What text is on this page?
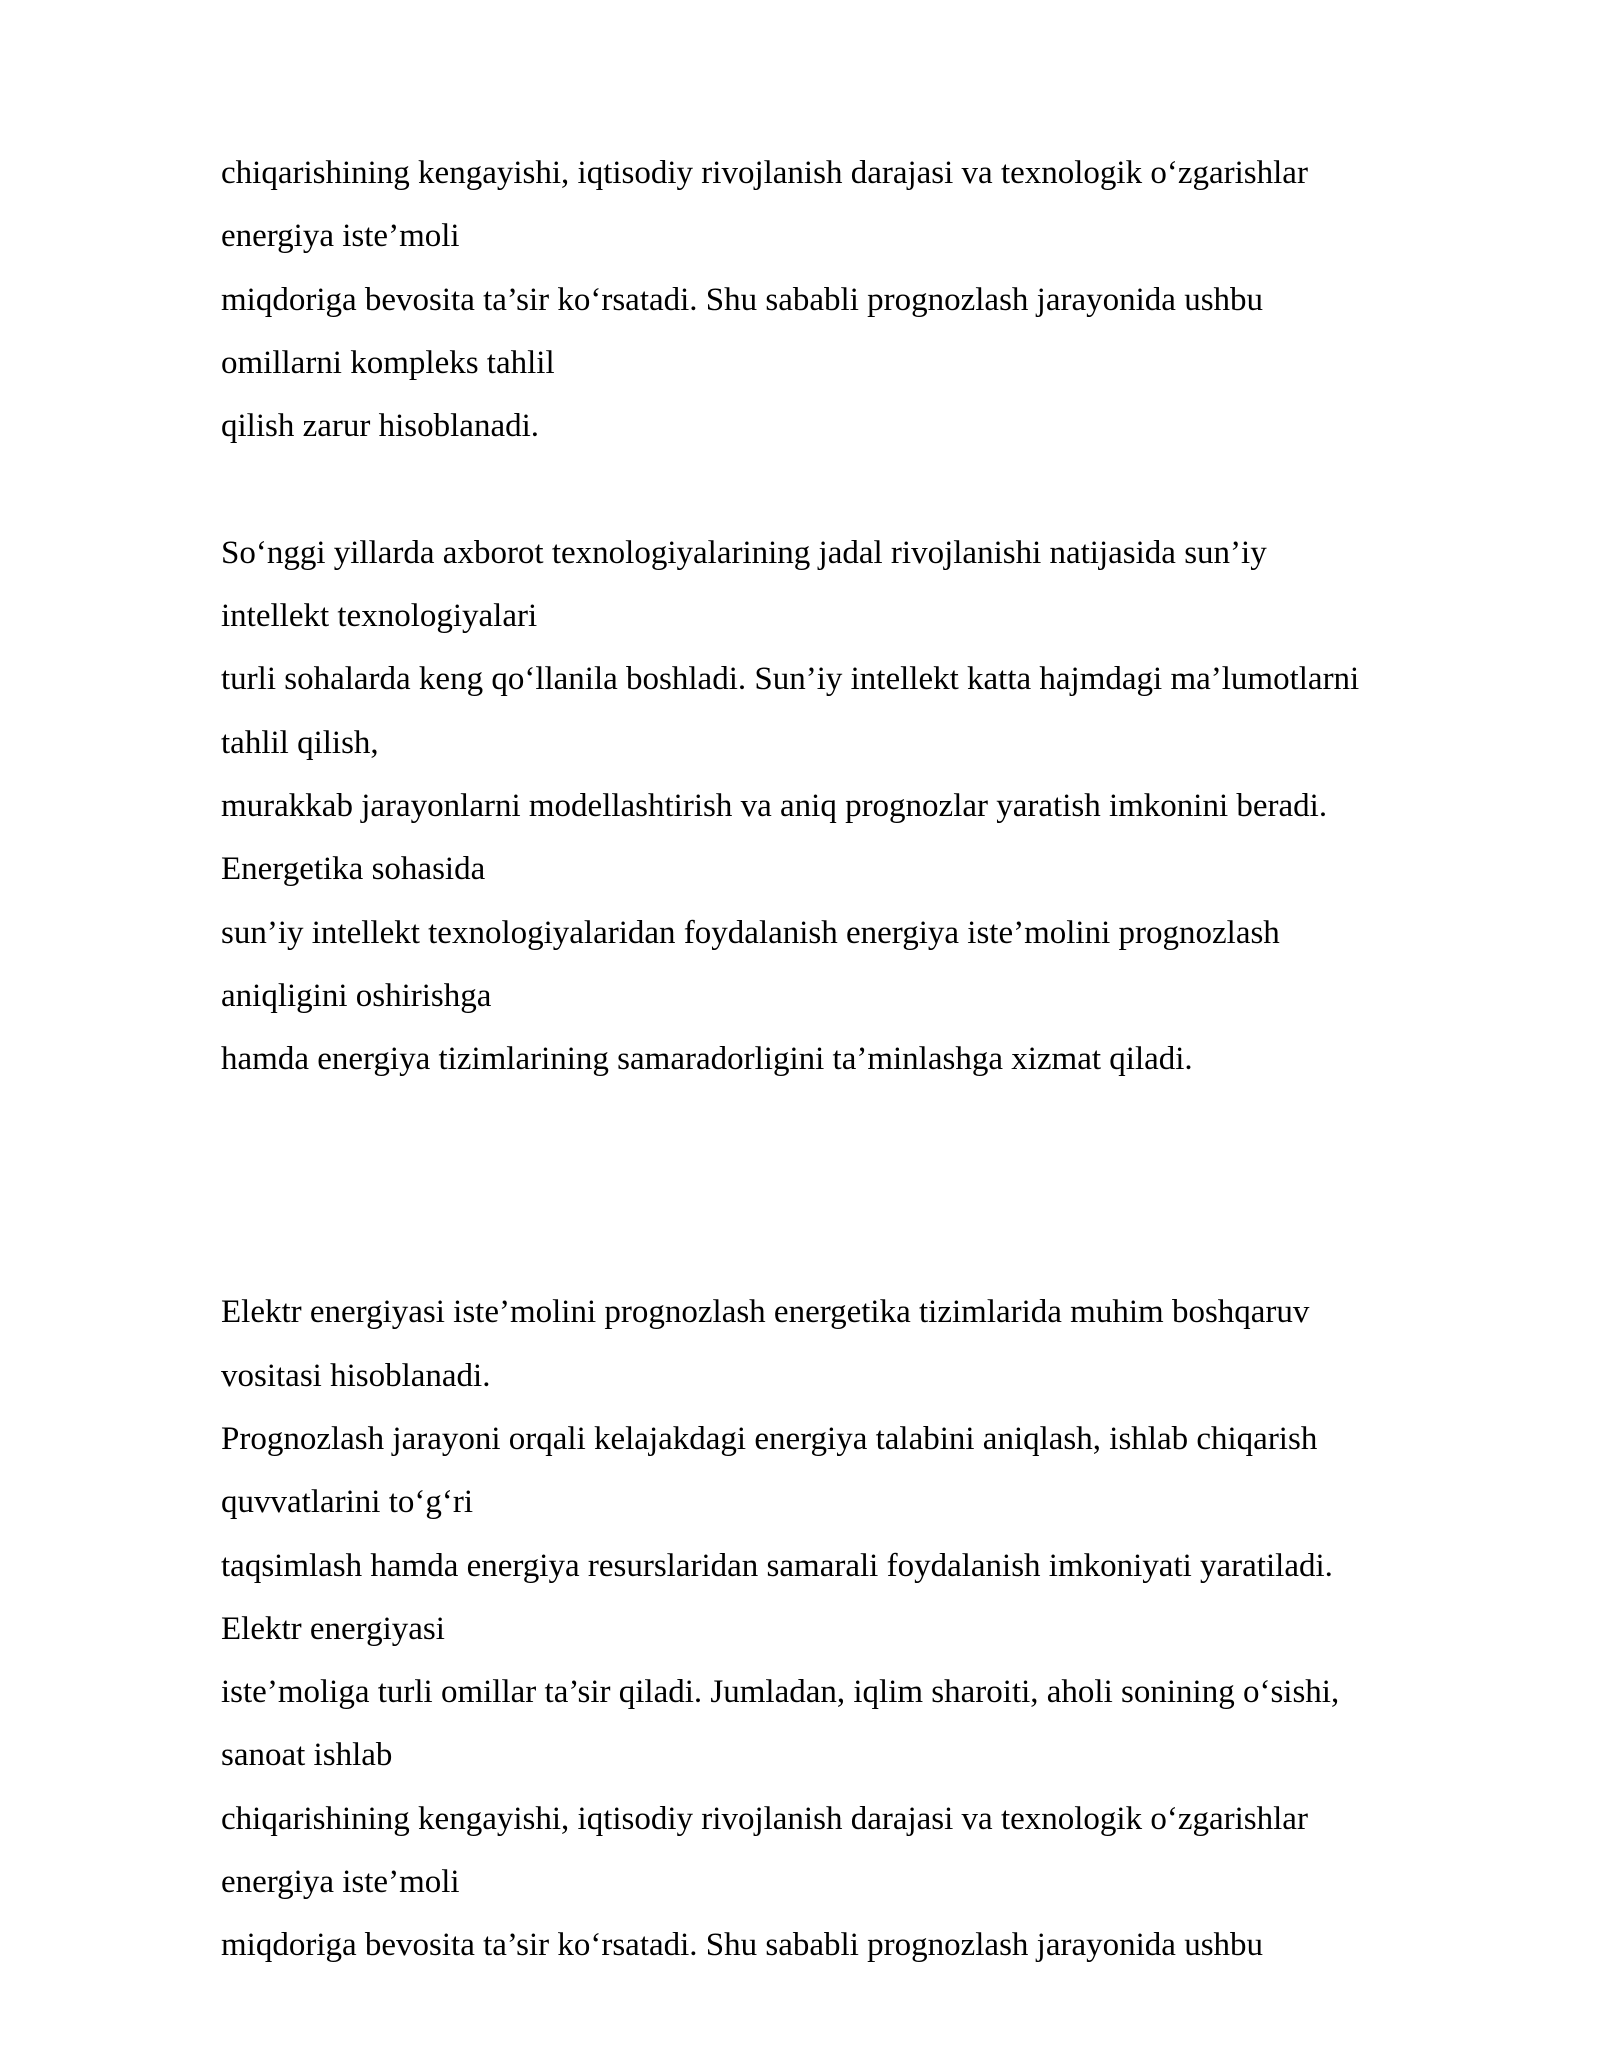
chiqarishining kengayishi, iqtisodiy rivojlanish darajasi va texnologik o‘zgarishlar

energiya iste’moli

miqdoriga bevosita ta’sir ko‘rsatadi. Shu sababli prognozlash jarayonida ushbu

omillarni kompleks tahlil

qilish zarur hisoblanadi.

So‘nggi yillarda axborot texnologiyalarining jadal rivojlanishi natijasida sun’iy

intellekt texnologiyalari

turli sohalarda keng qo‘llanila boshladi. Sun’iy intellekt katta hajmdagi ma’lumotlarni

tahlil qilish,

murakkab jarayonlarni modellashtirish va aniq prognozlar yaratish imkonini beradi.

Energetika sohasida

sun’iy intellekt texnologiyalaridan foydalanish energiya iste’molini prognozlash

aniqligini oshirishga

hamda energiya tizimlarining samaradorligini ta’minlashga xizmat qiladi.

Elektr energiyasi iste’molini prognozlash energetika tizimlarida muhim boshqaruv

vositasi hisoblanadi.

Prognozlash jarayoni orqali kelajakdagi energiya talabini aniqlash, ishlab chiqarish

quvvatlarini to‘g‘ri

taqsimlash hamda energiya resurslaridan samarali foydalanish imkoniyati yaratiladi.

Elektr energiyasi

iste’moliga turli omillar ta’sir qiladi. Jumladan, iqlim sharoiti, aholi sonining o‘sishi,

sanoat ishlab

chiqarishining kengayishi, iqtisodiy rivojlanish darajasi va texnologik o‘zgarishlar

energiya iste’moli

miqdoriga bevosita ta’sir ko‘rsatadi. Shu sababli prognozlash jarayonida ushbu
